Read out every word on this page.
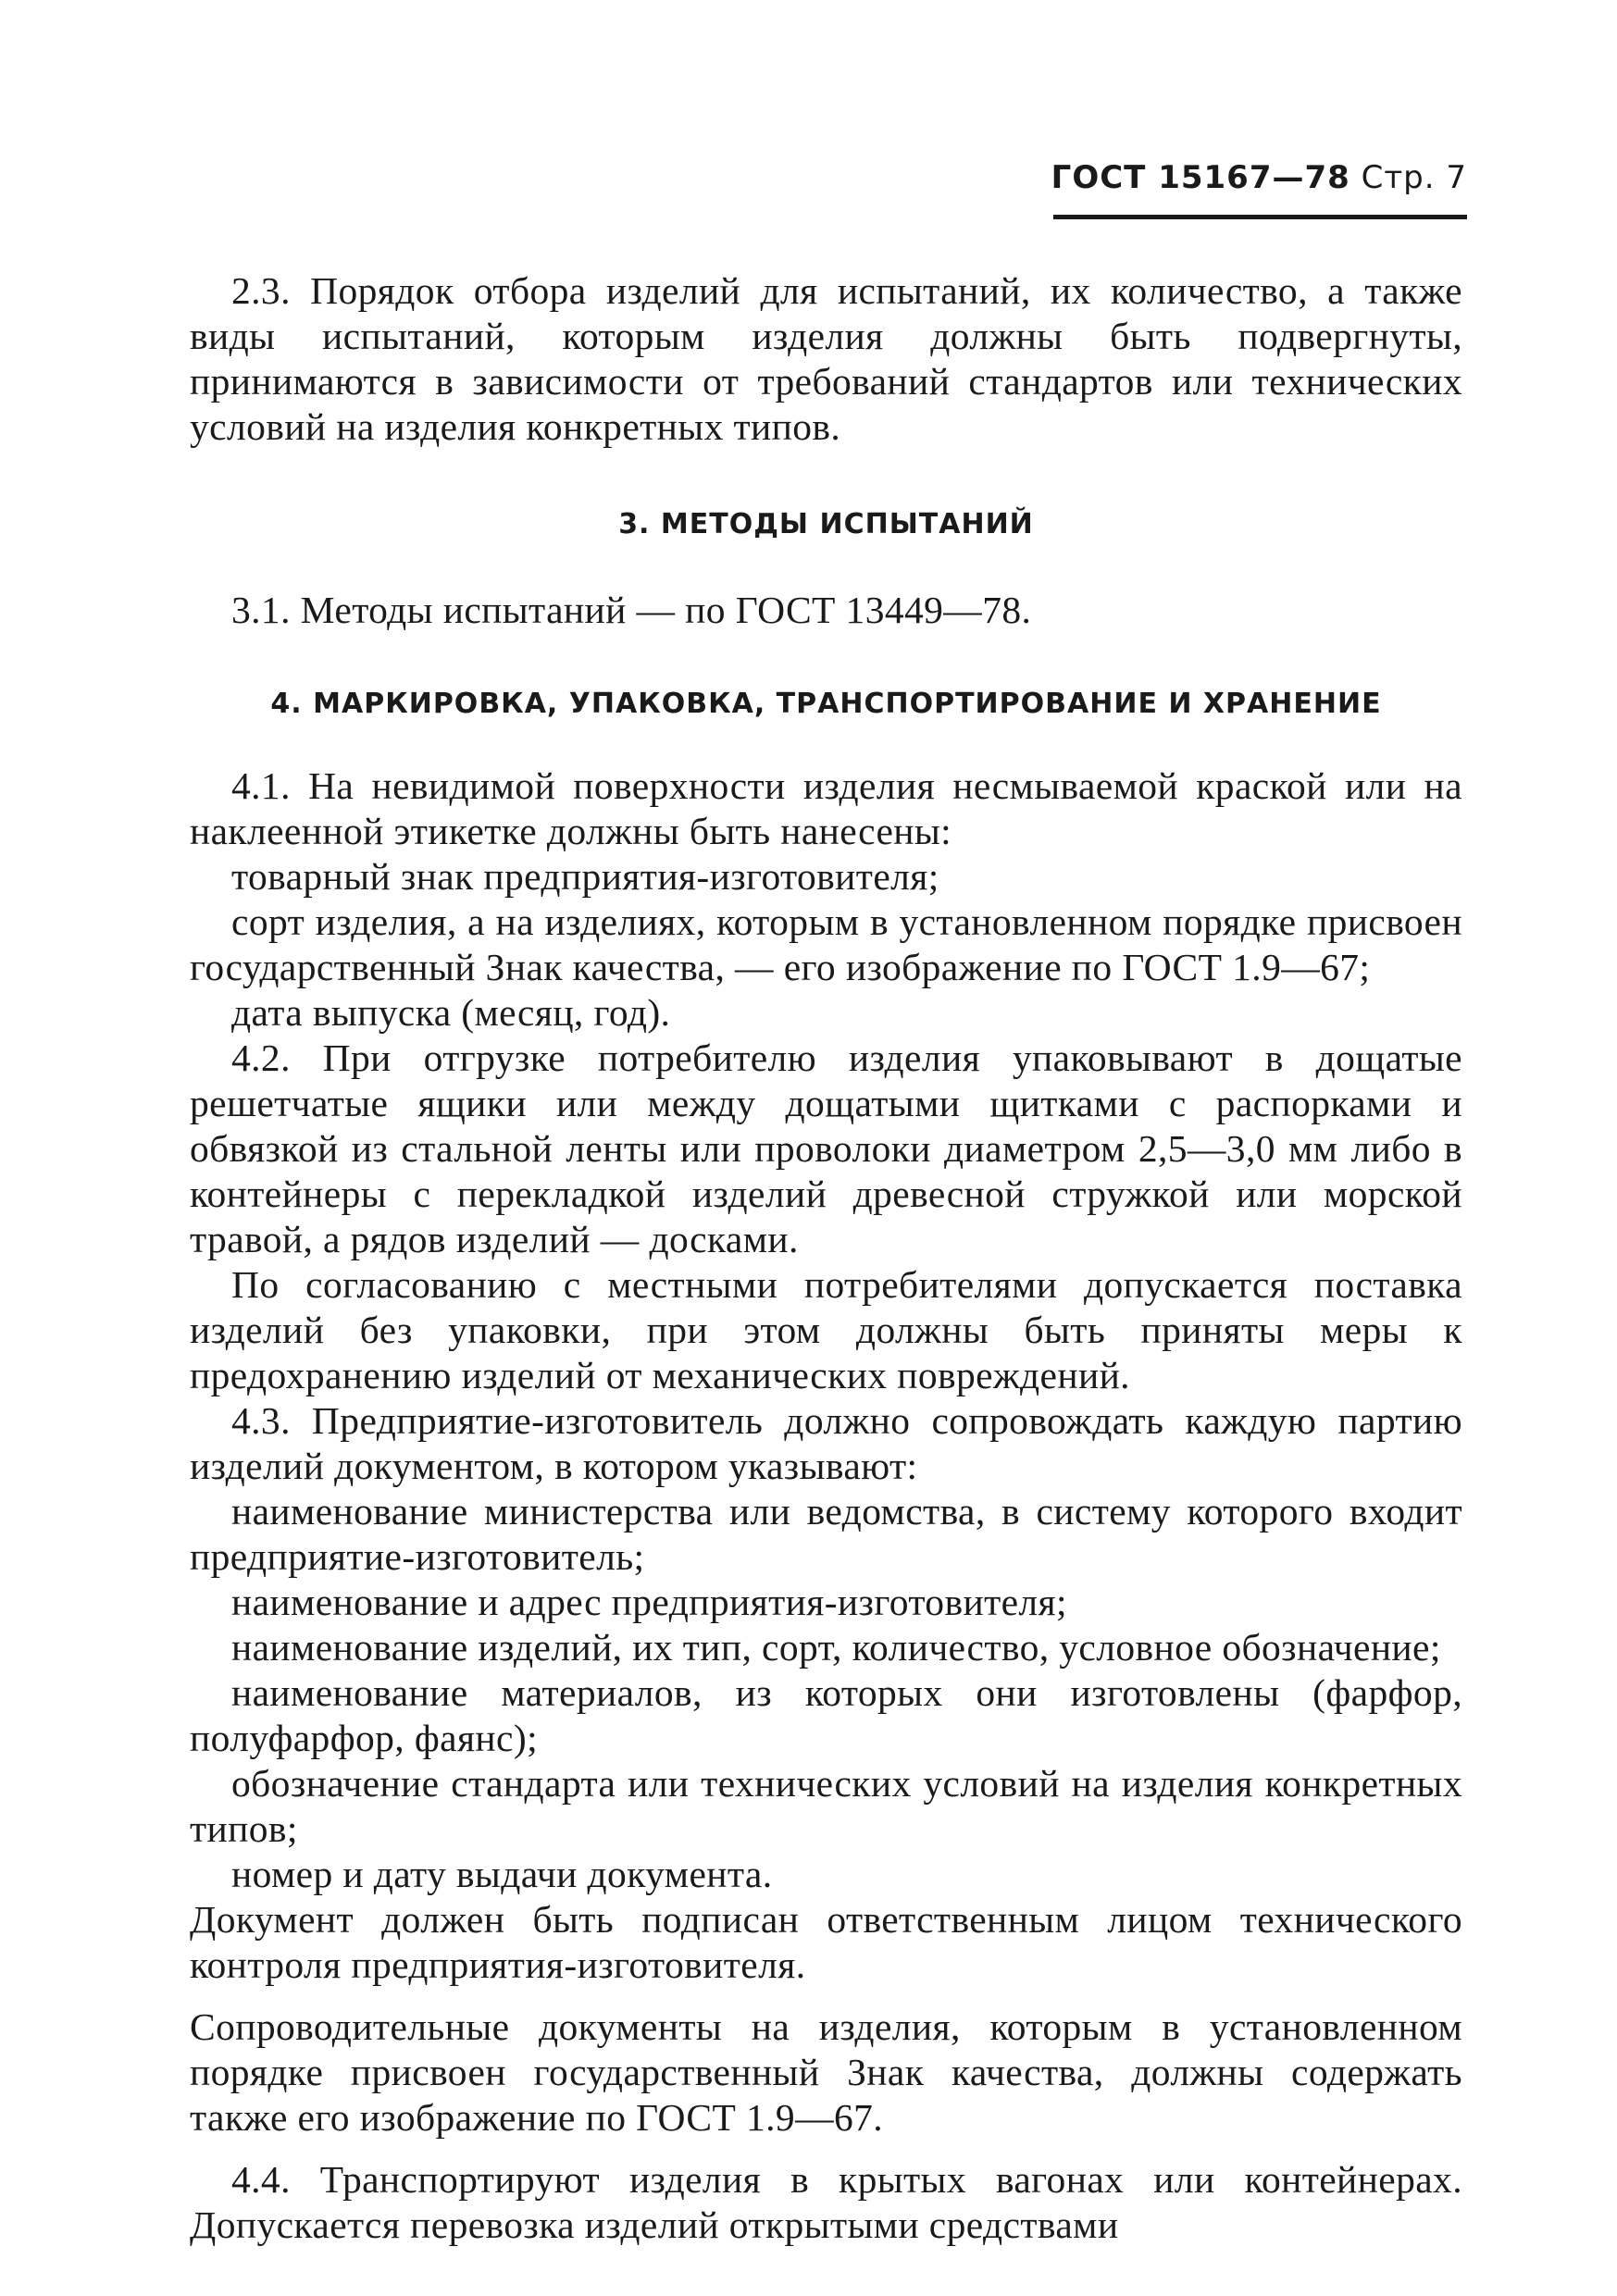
ГОСТ 15167—78 Стр. 7

2.3. Порядок отбора изделий для испытаний, их количество, а также виды испытаний, которым изделия должны быть подвергнуты, принимаются в зависимости от требований стандартов или технических условий на изделия конкретных типов.

3. МЕТОДЫ ИСПЫТАНИЙ

3.1. Методы испытаний — по ГОСТ 13449—78.

4. МАРКИРОВКА, УПАКОВКА, ТРАНСПОРТИРОВАНИЕ И ХРАНЕНИЕ

4.1. На невидимой поверхности изделия несмываемой краской или на наклеенной этикетке должны быть нанесены:

товарный знак предприятия-изготовителя;

сорт изделия, а на изделиях, которым в установленном порядке присвоен государственный Знак качества, — его изображение по ГОСТ 1.9—67;

дата выпуска (месяц, год).

4.2. При отгрузке потребителю изделия упаковывают в дощатые решетчатые ящики или между дощатыми щитками с распорками и обвязкой из стальной ленты или проволоки диаметром 2,5—3,0 мм либо в контейнеры с перекладкой изделий древесной стружкой или морской травой, а рядов изделий — досками.

По согласованию с местными потребителями допускается поставка изделий без упаковки, при этом должны быть приняты меры к предохранению изделий от механических повреждений.

4.3. Предприятие-изготовитель должно сопровождать каждую партию изделий документом, в котором указывают:

наименование министерства или ведомства, в систему которого входит предприятие-изготовитель;

наименование и адрес предприятия-изготовителя;

наименование изделий, их тип, сорт, количество, условное обозначение;

наименование материалов, из которых они изготовлены (фарфор, полуфарфор, фаянс);

обозначение стандарта или технических условий на изделия конкретных типов;

номер и дату выдачи документа.

Документ должен быть подписан ответственным лицом технического контроля предприятия-изготовителя.

Сопроводительные документы на изделия, которым в установленном порядке присвоен государственный Знак качества, должны содержать также его изображение по ГОСТ 1.9—67.

4.4. Транспортируют изделия в крытых вагонах или контейнерах. Допускается перевозка изделий открытыми средствами
